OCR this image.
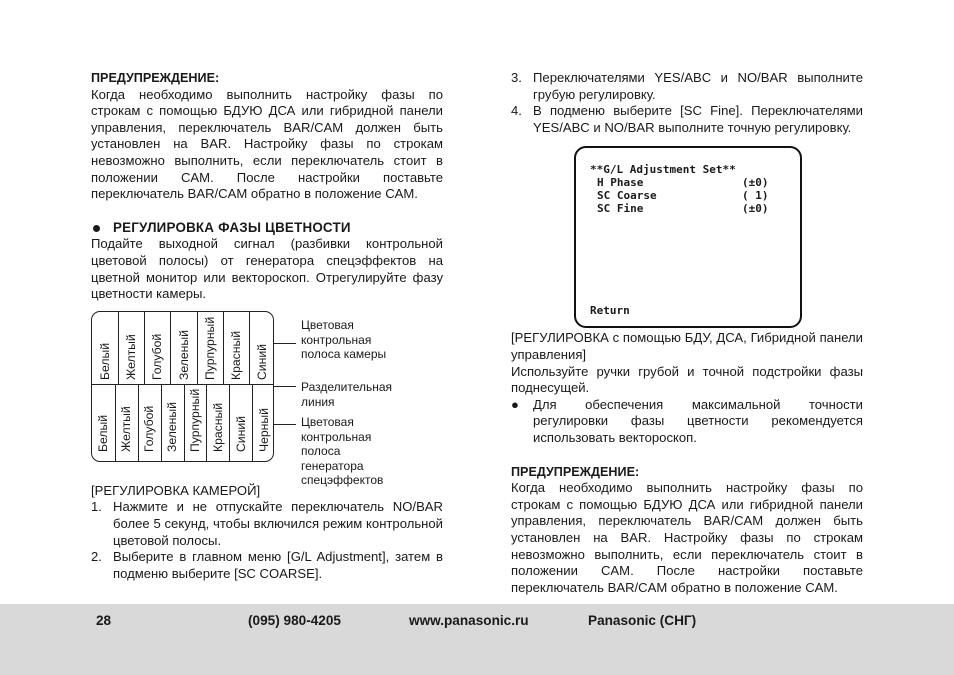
ПРЕДУПРЕЖДЕНИЕ:
Когда необходимо выполнить настройку фазы по строкам с помощью БДУЮ ДСА или гибридной панели управления, переключатель BAR/CAM должен быть установлен на BAR. Настройку фазы по строкам невозможно выполнить, если переключатель стоит в положении CAM. После настройки поставьте переключатель BAR/CAM обратно в положение CAM.
РЕГУЛИРОВКА ФАЗЫ ЦВЕТНОСТИ
Подайте выходной сигнал (разбивки контрольной цветовой полосы) от генератора спецэффектов на цветной монитор или вектороскоп. Отрегулируйте фазу цветности камеры.
[РЕГУЛИРОВКА КАМЕРОЙ]
1. Нажмите и не отпускайте переключатель NO/BAR более 5 секунд, чтобы включился режим контрольной цветовой полосы.
2. Выберите в главном меню [G/L Adjustment], затем в подменю выберите [SC COARSE].
Белый Желтый Голубой Зеленый Пурпурный Красный Синий
Белый Желтый Голубой Зеленый Пурпурный Красный Синий Черный
Цветовая
контрольная
полоса камеры
Разделительная
линия
Цветовая
контрольная
полоса
генератора
спецэффектов
3. Переключателями YES/ABC и NO/BAR выполните грубую регулировку.
4. В подменю выберите [SC Fine]. Переключателями YES/ABC и NO/BAR выполните точную регулировку.
[РЕГУЛИРОВКА с помощью БДУ, ДСА, Гибридной панели управления]
Используйте ручки грубой и точной подстройки фазы поднесущей.
●	Для обеспечения максимальной точности регулировки фазы цветности рекомендуется использовать вектороскоп.
ПРЕДУПРЕЖДЕНИЕ:
Когда необходимо выполнить настройку фазы по строкам с помощью БДУЮ ДСА или гибридной панели управления, переключатель BAR/CAM должен быть установлен на BAR. Настройку фазы по строкам невозможно выполнить, если переключатель стоит в положении CAM. После настройки поставьте переключатель BAR/CAM обратно в положение CAM.
**G/L Adjustment Set**
H Phase	(±0)
SC Coarse	( 1)
SC Fine	(±0)
Return
28	(095) 980-4205	www.panasonic.ru	Panasonic (СНГ)
